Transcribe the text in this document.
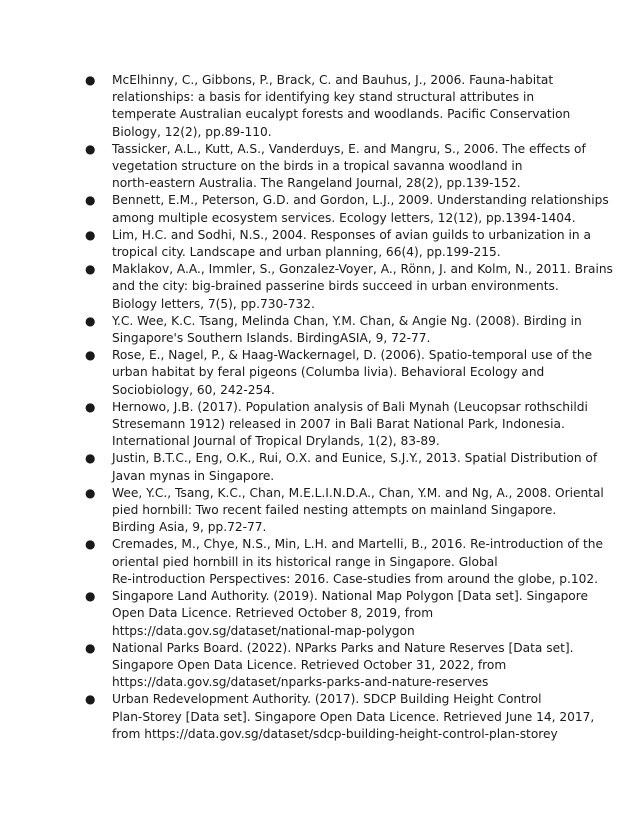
● McElhinny, C., Gibbons, P., Brack, C. and Bauhus, J., 2006. Fauna-habitat
relationships: a basis for identifying key stand structural attributes in
temperate Australian eucalypt forests and woodlands. Pacific Conservation
Biology, 12(2), pp.89-110.
● Tassicker, A.L., Kutt, A.S., Vanderduys, E. and Mangru, S., 2006. The effects of
vegetation structure on the birds in a tropical savanna woodland in
north-eastern Australia. The Rangeland Journal, 28(2), pp.139-152.
● Bennett, E.M., Peterson, G.D. and Gordon, L.J., 2009. Understanding relationships
among multiple ecosystem services. Ecology letters, 12(12), pp.1394-1404.
● Lim, H.C. and Sodhi, N.S., 2004. Responses of avian guilds to urbanization in a
tropical city. Landscape and urban planning, 66(4), pp.199-215.
● Maklakov, A.A., Immler, S., Gonzalez-Voyer, A., Rönn, J. and Kolm, N., 2011. Brains
and the city: big-brained passerine birds succeed in urban environments.
Biology letters, 7(5), pp.730-732.
● Y.C. Wee, K.C. Tsang, Melinda Chan, Y.M. Chan, & Angie Ng. (2008). Birding in
Singapore's Southern Islands. BirdingASIA, 9, 72-77.
● Rose, E., Nagel, P., & Haag-Wackernagel, D. (2006). Spatio-temporal use of the
urban habitat by feral pigeons (Columba livia). Behavioral Ecology and
Sociobiology, 60, 242-254.
● Hernowo, J.B. (2017). Population analysis of Bali Mynah (Leucopsar rothschildi
Stresemann 1912) released in 2007 in Bali Barat National Park, Indonesia.
International Journal of Tropical Drylands, 1(2), 83-89.
● Justin, B.T.C., Eng, O.K., Rui, O.X. and Eunice, S.J.Y., 2013. Spatial Distribution of
Javan mynas in Singapore.
● Wee, Y.C., Tsang, K.C., Chan, M.E.L.I.N.D.A., Chan, Y.M. and Ng, A., 2008. Oriental
pied hornbill: Two recent failed nesting attempts on mainland Singapore.
Birding Asia, 9, pp.72-77.
● Cremades, M., Chye, N.S., Min, L.H. and Martelli, B., 2016. Re-introduction of the
oriental pied hornbill in its historical range in Singapore. Global
Re-introduction Perspectives: 2016. Case-studies from around the globe, p.102.
● Singapore Land Authority. (2019). National Map Polygon [Data set]. Singapore
Open Data Licence. Retrieved October 8, 2019, from
https://data.gov.sg/dataset/national-map-polygon
● National Parks Board. (2022). NParks Parks and Nature Reserves [Data set].
Singapore Open Data Licence. Retrieved October 31, 2022, from
https://data.gov.sg/dataset/nparks-parks-and-nature-reserves
● Urban Redevelopment Authority. (2017). SDCP Building Height Control
Plan-Storey [Data set]. Singapore Open Data Licence. Retrieved June 14, 2017,
from https://data.gov.sg/dataset/sdcp-building-height-control-plan-storey
